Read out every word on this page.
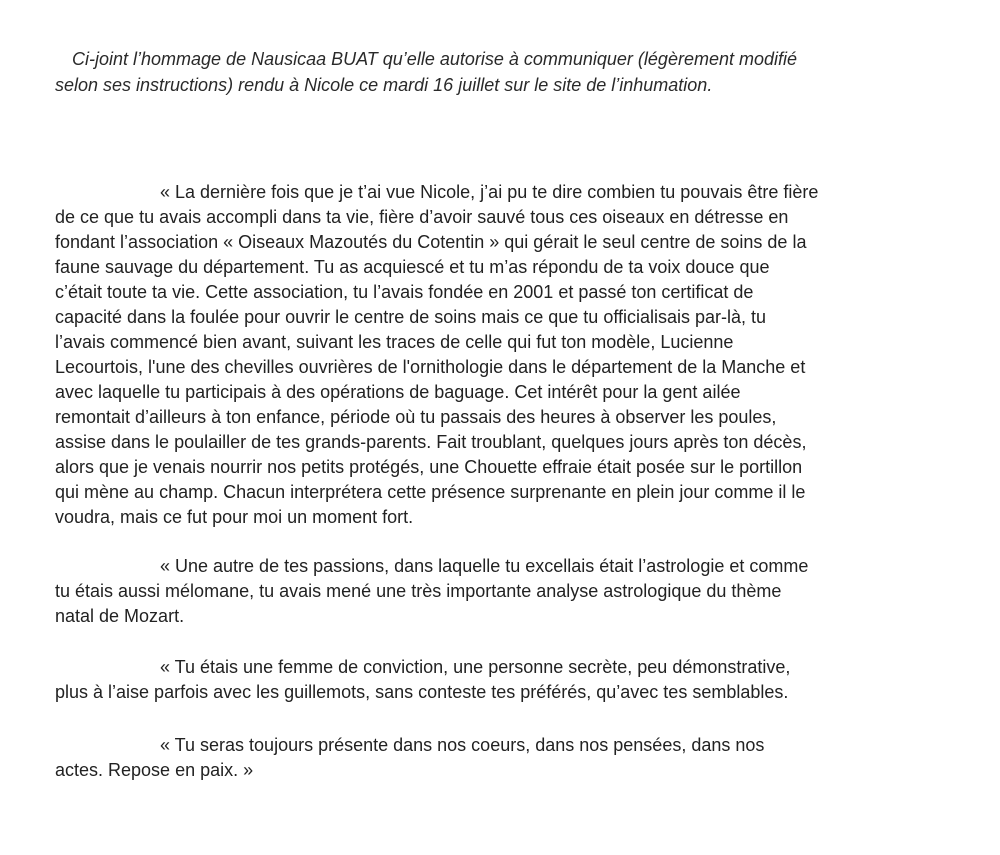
Ci-joint l’hommage de Nausicaa BUAT qu’elle autorise à communiquer (légèrement modifié

selon ses instructions) rendu à Nicole ce mardi 16 juillet sur le site de l’inhumation.

« La dernière fois que je t’ai vue Nicole, j’ai pu te dire combien tu pouvais être fière

de ce que tu avais accompli dans ta vie, fière d’avoir sauvé tous ces oiseaux en détresse en

fondant l’association « Oiseaux Mazoutés du Cotentin » qui gérait le seul centre de soins de la

faune sauvage du département. Tu as acquiescé et tu m’as répondu de ta voix douce que

c’était toute ta vie. Cette association, tu l’avais fondée en 2001 et passé ton certificat de

capacité dans la foulée pour ouvrir le centre de soins mais ce que tu officialisais par-là, tu

l’avais commencé bien avant, suivant les traces de celle qui fut ton modèle, Lucienne

Lecourtois, l'une des chevilles ouvrières de l'ornithologie dans le département de la Manche et

avec laquelle tu participais à des opérations de baguage. Cet intérêt pour la gent ailée

remontait d’ailleurs à ton enfance, période où tu passais des heures à observer les poules,

assise dans le poulailler de tes grands-parents. Fait troublant, quelques jours après ton décès,

alors que je venais nourrir nos petits protégés, une Chouette effraie était posée sur le portillon

qui mène au champ. Chacun interprétera cette présence surprenante en plein jour comme il le

voudra, mais ce fut pour moi un moment fort.

« Une autre de tes passions, dans laquelle tu excellais était l’astrologie et comme

tu étais aussi mélomane, tu avais mené une très importante analyse astrologique du thème

natal de Mozart.

« Tu étais une femme de conviction, une personne secrète, peu démonstrative,

plus à l’aise parfois avec les guillemots, sans conteste tes préférés, qu’avec tes semblables.

« Tu seras toujours présente dans nos coeurs, dans nos pensées, dans nos

actes. Repose en paix. »
